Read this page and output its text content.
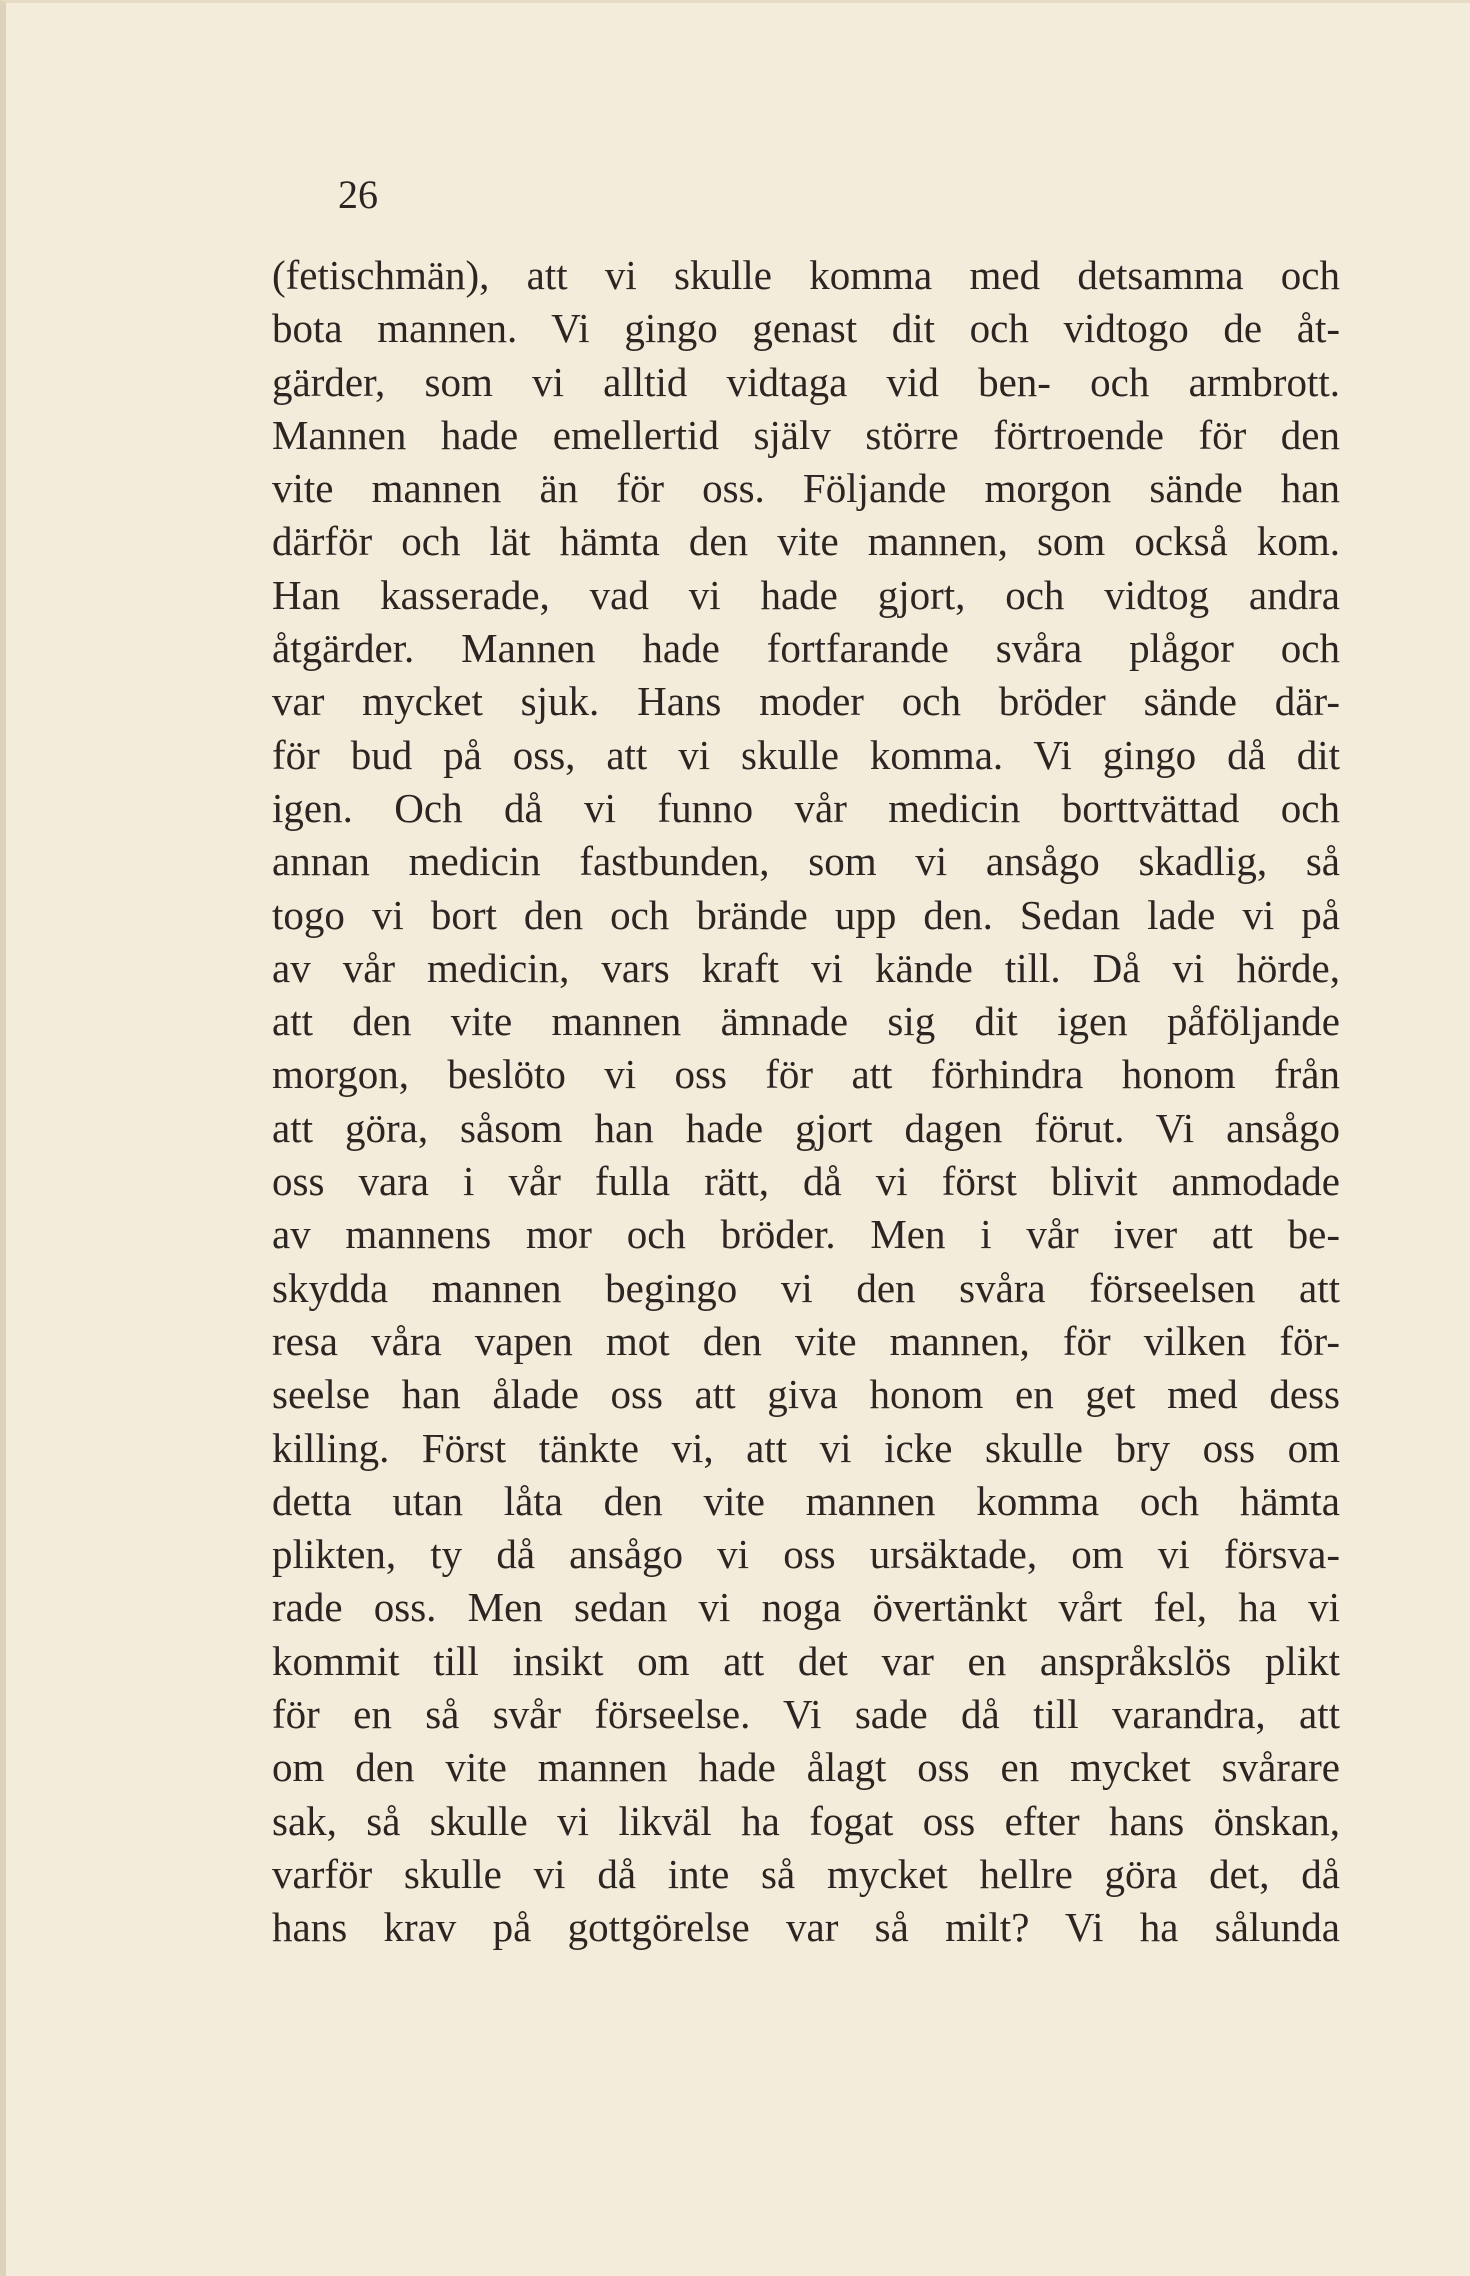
26

(fetischmän), att vi skulle komma med detsamma och
bota mannen. Vi gingo genast dit och vidtogo de åt-
gärder, som vi alltid vidtaga vid ben- och armbrott.
Mannen hade emellertid själv större förtroende för den
vite mannen än för oss. Följande morgon sände han
därför och lät hämta den vite mannen, som också kom.
Han kasserade, vad vi hade gjort, och vidtog andra
åtgärder. Mannen hade fortfarande svåra plågor och
var mycket sjuk. Hans moder och bröder sände där-
för bud på oss, att vi skulle komma. Vi gingo då dit
igen. Och då vi funno vår medicin borttvättad och
annan medicin fastbunden, som vi ansågo skadlig, så
togo vi bort den och brände upp den. Sedan lade vi på
av vår medicin, vars kraft vi kände till. Då vi hörde,
att den vite mannen ämnade sig dit igen påföljande
morgon, beslöto vi oss för att förhindra honom från
att göra, såsom han hade gjort dagen förut. Vi ansågo
oss vara i vår fulla rätt, då vi först blivit anmodade
av mannens mor och bröder. Men i vår iver att be-
skydda mannen begingo vi den svåra förseelsen att
resa våra vapen mot den vite mannen, för vilken för-
seelse han ålade oss att giva honom en get med dess
killing. Först tänkte vi, att vi icke skulle bry oss om
detta utan låta den vite mannen komma och hämta
plikten, ty då ansågo vi oss ursäktade, om vi försva-
rade oss. Men sedan vi noga övertänkt vårt fel, ha vi
kommit till insikt om att det var en anspråkslös plikt
för en så svår förseelse. Vi sade då till varandra, att
om den vite mannen hade ålagt oss en mycket svårare
sak, så skulle vi likväl ha fogat oss efter hans önskan,
varför skulle vi då inte så mycket hellre göra det, då
hans krav på gottgörelse var så milt? Vi ha sålunda
